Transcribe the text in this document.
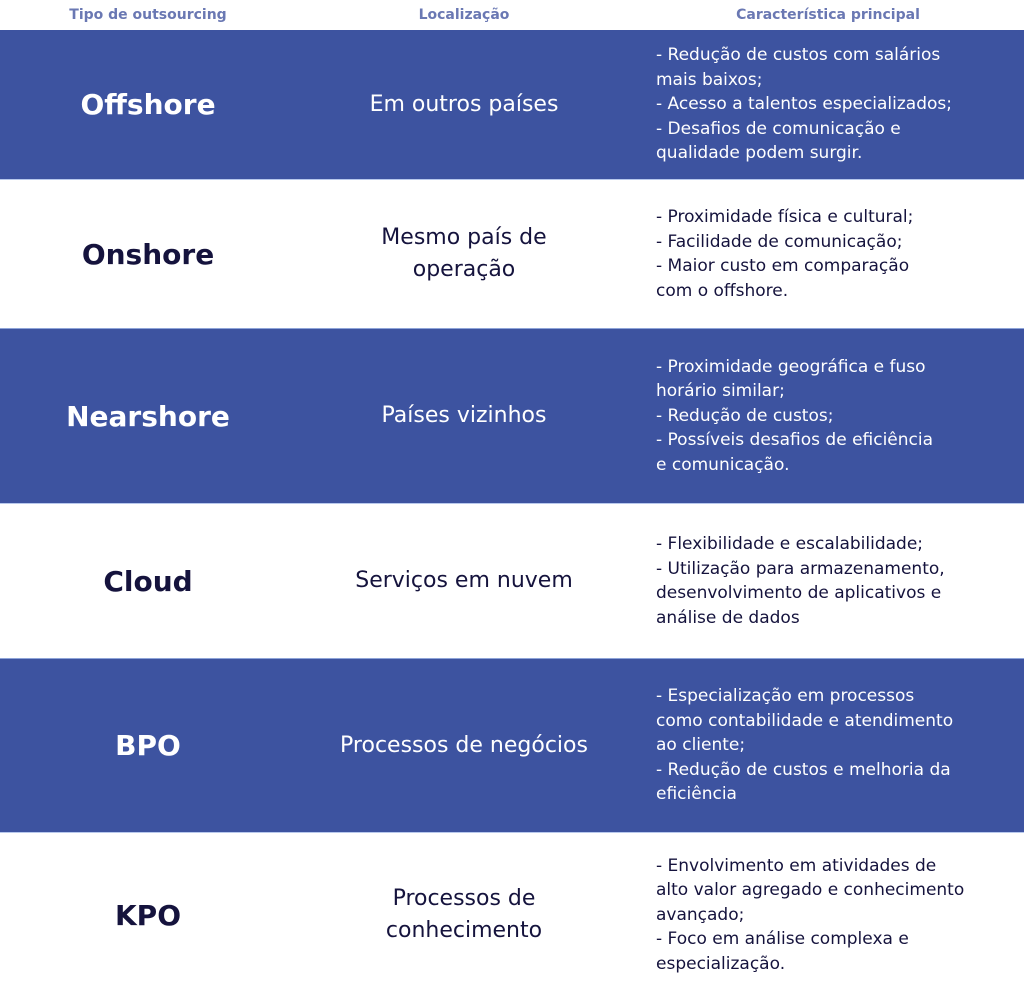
Tipo de outsourcing	Localização	Característica principal
Offshore	Em outros países
- Redução de custos com salários
mais baixos;
- Acesso a talentos especializados;
- Desafios de comunicação e
qualidade podem surgir.
Onshore	Mesmo país de operação
- Proximidade física e cultural;
- Facilidade de comunicação;
- Maior custo em comparação
com o offshore.
Nearshore	Países vizinhos
- Proximidade geográfica e fuso
horário similar;
- Redução de custos;
- Possíveis desafios de eficiência
e comunicação.
Cloud	Serviços em nuvem
- Flexibilidade e escalabilidade;
- Utilização para armazenamento,
desenvolvimento de aplicativos e
análise de dados
BPO	Processos de negócios
- Especialização em processos
como contabilidade e atendimento
ao cliente;
- Redução de custos e melhoria da
eficiência
KPO	Processos de conhecimento
- Envolvimento em atividades de
alto valor agregado e conhecimento
avançado;
- Foco em análise complexa e
especialização.
